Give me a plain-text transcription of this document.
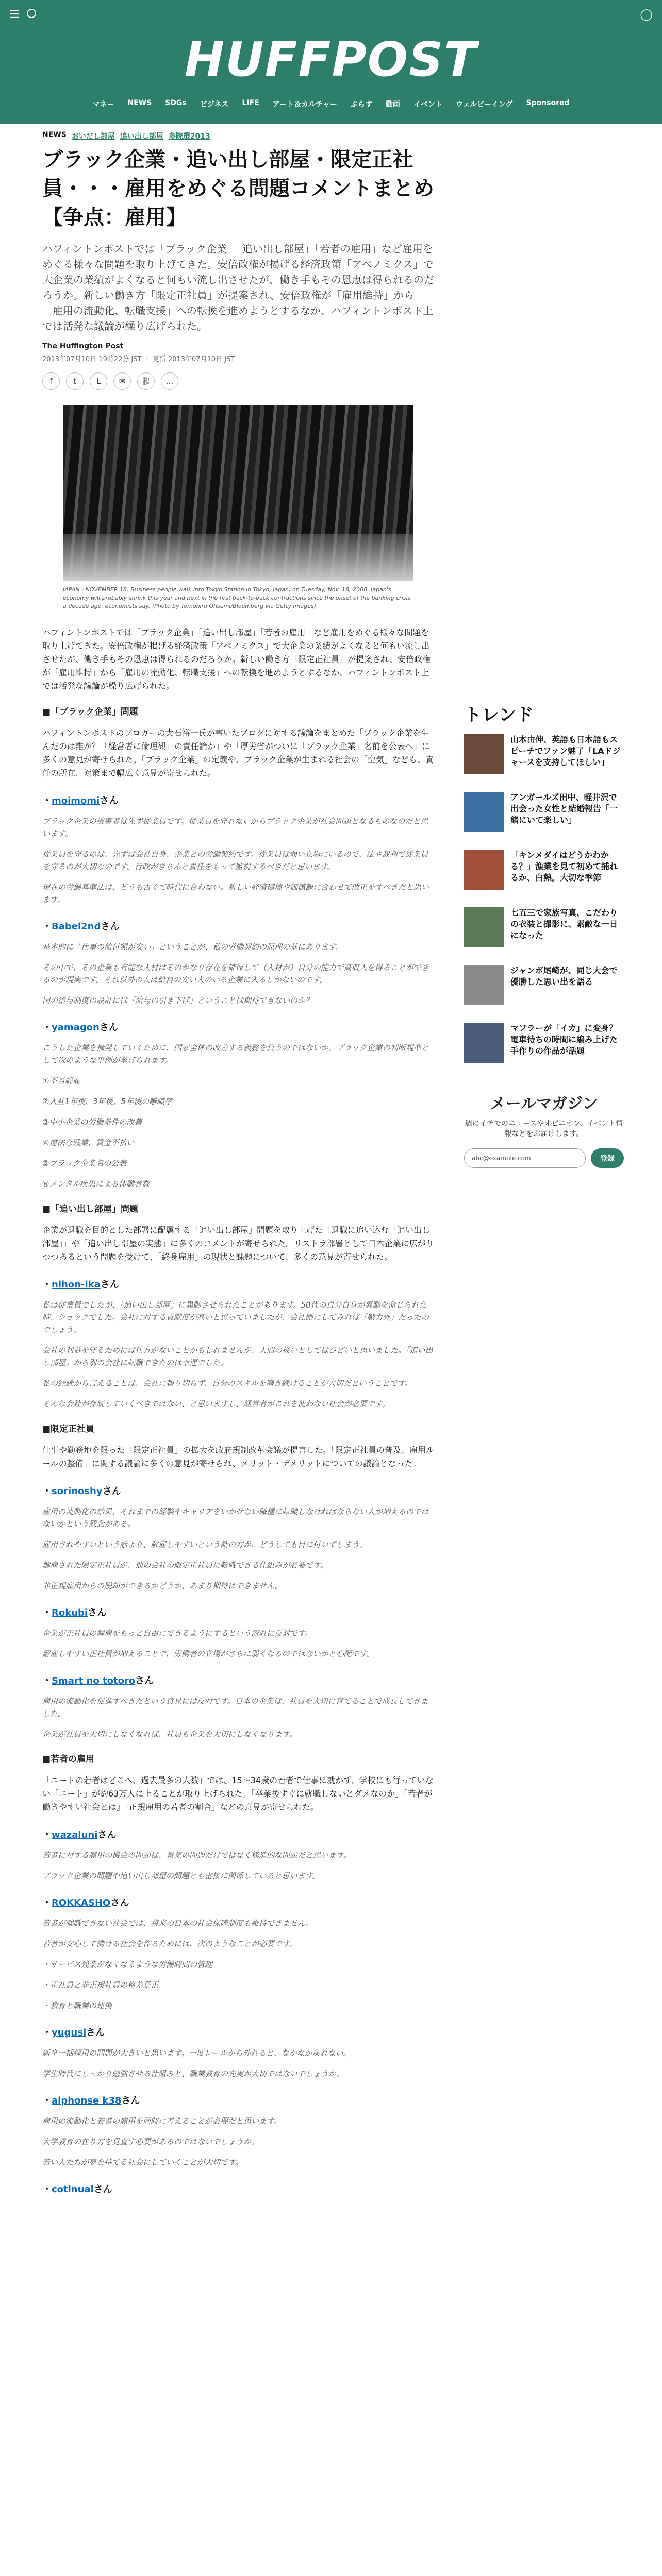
☰	◯
HUFFPOST
マネー NEWS SDGs ビジネス LIFE アート＆カルチャー ぷらす 動画 イベント ウェルビーイング Sponsored
NEWS おいだし部屋 追い出し部屋 参院選2013
ブラック企業・追い出し部屋・限定正社員・・・雇用をめぐる問題コメントまとめ【争点：雇用】

ハフィントンポストでは「ブラック企業」「追い出し部屋」「若者の雇用」など雇用をめぐる様々な問題を取り上げてきた。安倍政権が掲げる経済政策「アベノミクス」で大企業の業績がよくなると何もい流し出させたが、働き手もその恩恵は得られるのだろうか。新しい働き方「限定正社員」が提案され、安倍政権が「雇用維持」から「雇用の流動化、転職支援」への転換を進めようとするなか、ハフィントンポスト上では活発な議論が繰り広げられた。

The Huffington Post
2013年07月10日 19時22分 JST ｜ 更新 2013年07月10日 JST
f	t	L	✉	⛓	…

JAPAN - NOVEMBER 18: Business people walk into Tokyo Station in Tokyo, Japan, on Tuesday, Nov. 18, 2008. Japan's economy will probably shrink this year and next in the first back-to-back contractions since the onset of the banking crisis a decade ago, economists say. (Photo by Tomohiro Ohsumi/Bloomberg via Getty Images)

ハフィントンポストでは「ブラック企業」「追い出し部屋」「若者の雇用」など雇用をめぐる様々な問題を取り上げてきた。安倍政権が掲げる経済政策「アベノミクス」で大企業の業績がよくなると何もい流し出させたが、働き手もその恩恵は得られるのだろうか。新しい働き方「限定正社員」が提案され、安倍政権が「雇用維持」から「雇用の流動化、転職支援」への転換を進めようとするなか、ハフィントンポスト上では活発な議論が繰り広げられた。

■「ブラック企業」問題

ハフィントンポストのブロガーの大石裕一氏が書いたブログに対する議論をまとめた「ブラック企業を生んだのは誰か？「経営者に倫理観」の責任論か」や「厚労省がついに「ブラック企業」名前を公表へ」に多くの意見が寄せられた。「ブラック企業」の定義や、ブラック企業が生まれる社会の「空気」なども、責任の所在、対策まで幅広く意見が寄せられた。

・moimomiさん

ブラック企業の被害者は先ず従業員です。従業員を守れないからブラック企業が社会問題となるものなのだと思います。

従業員を守るのは、先ずは会社自身、企業との労働契約です。従業員は弱い立場にいるので、法や裁判で従業員を守るのが大切なのです。行政がきちんと責任をもって監視するべきだと思います。

現在の労働基準法は、どうも古くて時代に合わない。新しい経済環境や価値観に合わせて改正をすべきだと思います。

・Babel2ndさん

基本的に「仕事の給付額が安い」ということが、私の労働契約の原理の基にあります。

その中で、その企業も有能な人材はそのかなり存在を確保して（人材が）自分の能力で高収入を得ることができるのが現実です。それ以外の人は給料の安い人のいる企業に入るしかないのです。

国の給与制度の設計には「給与の引き下げ」ということは期待できないのか？

・yamagonさん

こうした企業を摘発していくために、国家全体の改善する義務を負うのではないか。ブラック企業の判断規準として次のような事例が挙げられます。

①不当解雇

②入社1年後、3年後、5年後の離職率

③中小企業の労働条件の改善

④違法な残業、賃金不払い

⑤ブラック企業名の公表

⑥メンタル疾患による休職者数

■「追い出し部屋」問題

企業が退職を目的とした部署に配属する「追い出し部屋」問題を取り上げた「退職に追い込む「追い出し部屋」」や「追い出し部屋の実態」に多くのコメントが寄せられた。リストラ部署として日本企業に広がりつつあるという問題を受けて、「終身雇用」の現状と課題について、多くの意見が寄せられた。

・nihon-ikaさん

私は従業員でしたが、「追い出し部屋」に異動させられたことがあります。50代の自分自身が異動を命じられた時、ショックでした。会社に対する貢献度が高いと思っていましたが、会社側にしてみれば「戦力外」だったのでしょう。

会社の利益を守るためには仕方がないことかもしれませんが、人間の扱いとしてはひどいと思いました。「追い出し部屋」から別の会社に転職できたのは幸運でした。

私の経験から言えることは、会社に頼り切らず、自分のスキルを磨き続けることが大切だということです。

そんな会社が存続していくべきではない、と思いますし、経営者がこれを使わない社会が必要です。

■限定正社員

仕事や勤務地を限った「限定正社員」の拡大を政府規制改革会議が提言した。「限定正社員の普及、雇用ルールの整備」に関する議論に多くの意見が寄せられ、メリット・デメリットについての議論となった。

・sorinoshyさん

雇用の流動化の結果、それまでの経験やキャリアをいかせない職種に転職しなければならない人が増えるのではないかという懸念がある。

雇用されやすいという話より、解雇しやすいという話の方が、どうしても目に付いてしまう。

解雇された限定正社員が、他の会社の限定正社員に転職できる仕組みが必要です。

非正規雇用からの脱却ができるかどうか、あまり期待はできません。

・Rokubiさん

企業が正社員の解雇をもっと自由にできるようにするという流れに反対です。

解雇しやすい正社員が増えることで、労働者の立場がさらに弱くなるのではないかと心配です。

・Smart no totoroさん

雇用の流動化を促進すべきだという意見には反対です。日本の企業は、社員を大切に育てることで成長してきました。

企業が社員を大切にしなくなれば、社員も企業を大切にしなくなります。

■若者の雇用

「ニートの若者はどこへ、過去最多の人数」では、15〜34歳の若者で仕事に就かず、学校にも行っていない「ニート」が約63万人に上ることが取り上げられた。「卒業後すぐに就職しないとダメなのか」「若者が働きやすい社会とは」「正規雇用の若者の割合」などの意見が寄せられた。

・wazaluniさん

若者に対する雇用の機会の問題は、景気の問題だけではなく構造的な問題だと思います。

ブラック企業の問題や追い出し部屋の問題とも密接に関係していると思います。

・ROKKASHOさん

若者が就職できない社会では、将来の日本の社会保障制度も維持できません。

若者が安心して働ける社会を作るためには、次のようなことが必要です。

・サービス残業がなくなるような労働時間の管理

・正社員と非正規社員の格差是正

・教育と職業の連携

・yugusiさん

新卒一括採用の問題が大きいと思います。一度レールから外れると、なかなか戻れない。

学生時代にしっかり勉強させる仕組みと、職業教育の充実が大切ではないでしょうか。

・alphonse k38さん

雇用の流動化と若者の雇用を同時に考えることが必要だと思います。

大学教育の在り方を見直す必要があるのではないでしょうか。

若い人たちが夢を持てる社会にしていくことが大切です。

・cotinualさん
トレンド
山本由伸、英語も日本語もスピーチでファン魅了「LAドジャースを支持してほしい」
アンガールズ田中、軽井沢で出会った女性と結婚報告「一緒にいて楽しい」
「キンメダイはどうかわかる？」漁業を見て初めて捕れるか、白熱。大切な季節
七五三で家族写真、こだわりの衣装と撮影に、素敵な一日になった
ジャンボ尾崎が、同じ大会で優勝した思い出を語る
マフラーが「イカ」に変身？電車待ちの時間に編み上げた手作りの作品が話題
メールマガジン
週にイチでのニュースやオピニオン、イベント情報などをお届けします。
abc@example.com	登録
